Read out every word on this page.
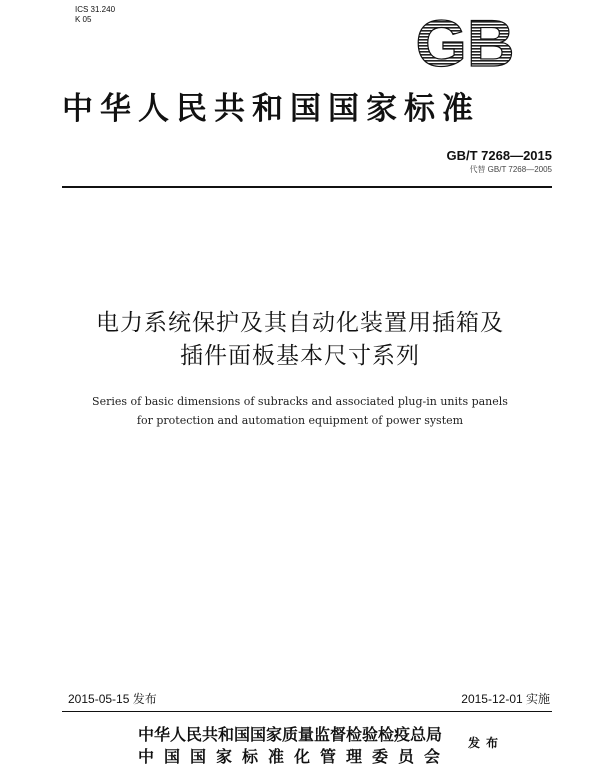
ICS 31.240
K 05	GB
中华人民共和国国家标准
GB/T 7268—2015
代替 GB/T 7268—2005
电力系统保护及其自动化装置用插箱及
插件面板基本尺寸系列
Series of basic dimensions of subracks and associated plug-in units panels
for protection and automation equipment of power system
2015-05-15 发布	2015-12-01 实施
中华人民共和国国家质量监督检验检疫总局
中国国家标准化管理委员会
发布
